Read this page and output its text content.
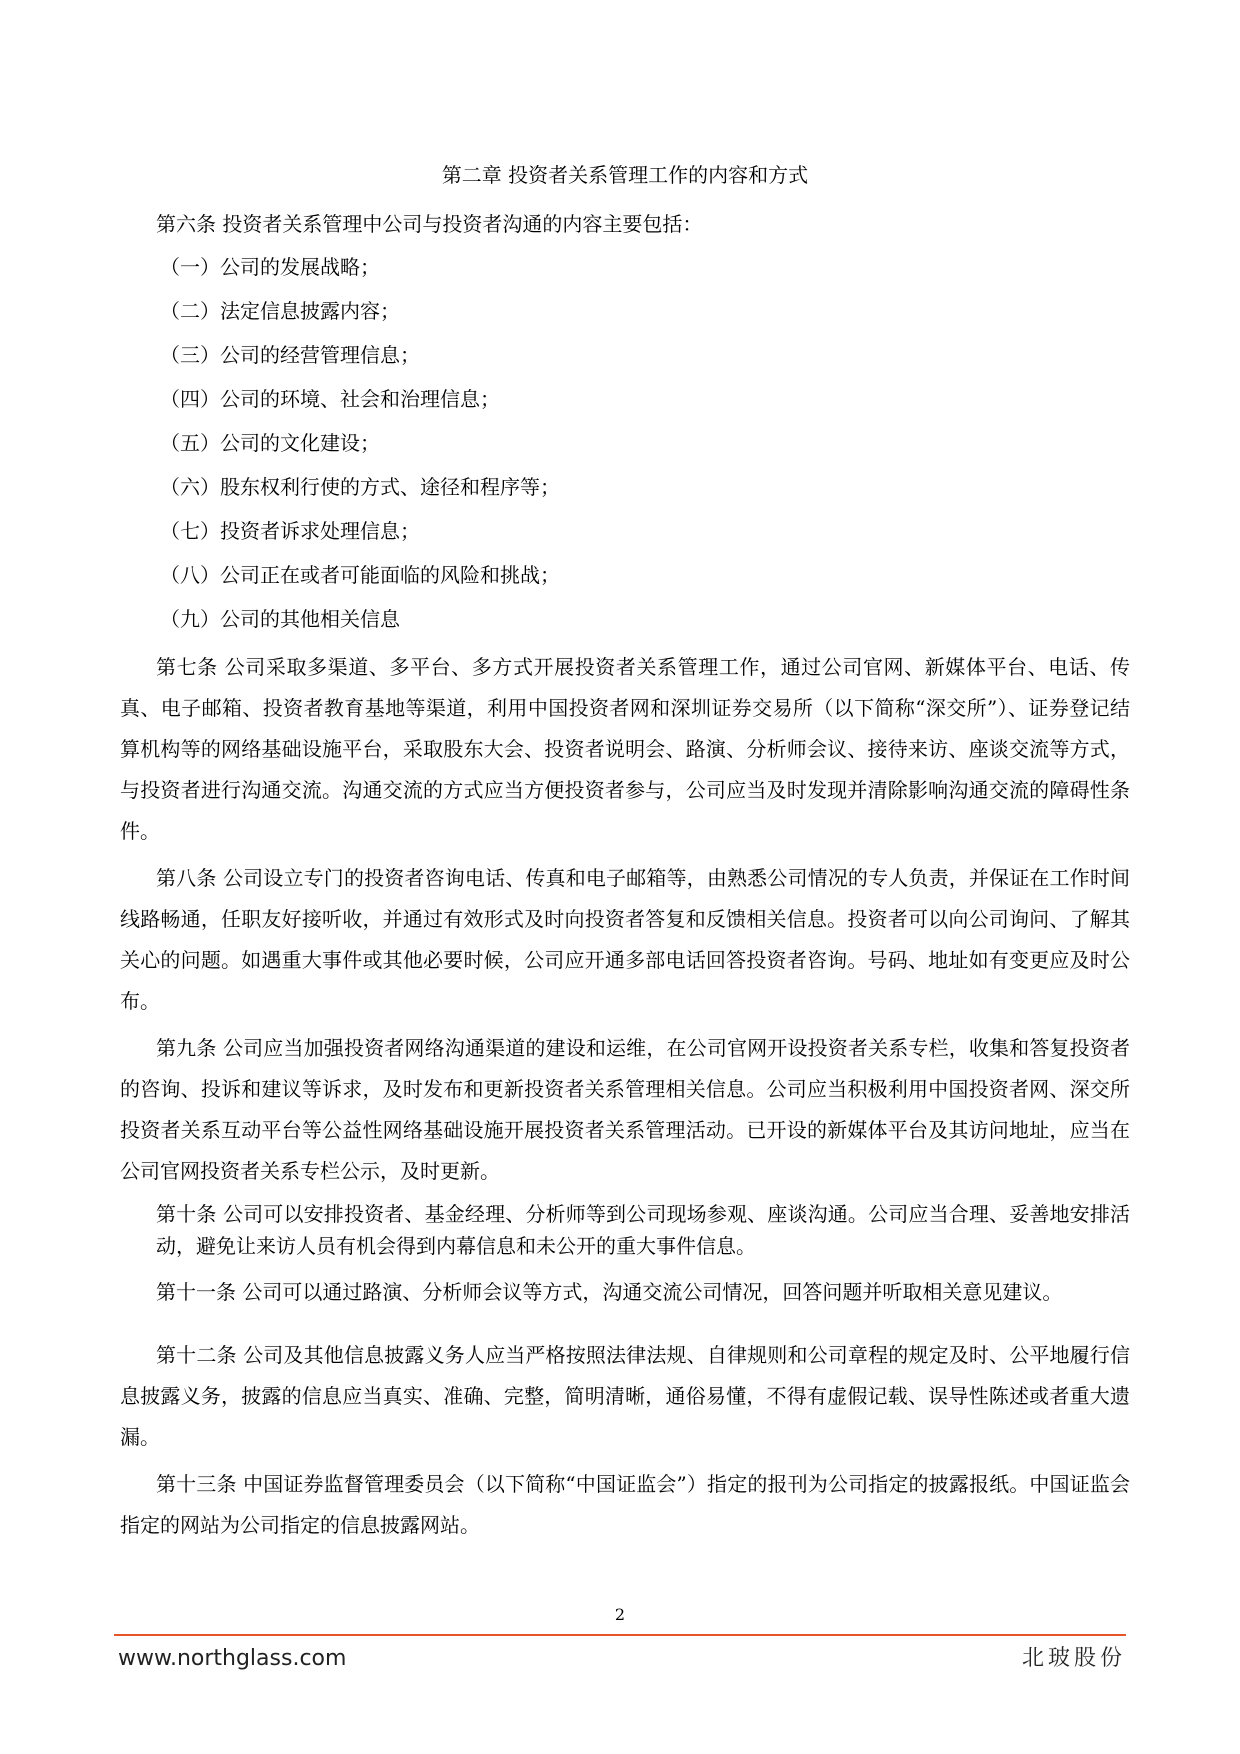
第二章 投资者关系管理工作的内容和方式

第六条 投资者关系管理中公司与投资者沟通的内容主要包括：

（一）公司的发展战略；

（二）法定信息披露内容；

（三）公司的经营管理信息；

（四）公司的环境、社会和治理信息；

（五）公司的文化建设；

（六）股东权利行使的方式、途径和程序等；

（七）投资者诉求处理信息；

（八）公司正在或者可能面临的风险和挑战；

（九）公司的其他相关信息

第七条 公司采取多渠道、多平台、多方式开展投资者关系管理工作，通过公司官网、新媒体平台、电话、传真、电子邮箱、投资者教育基地等渠道，利用中国投资者网和深圳证券交易所（以下简称“深交所”）、证券登记结算机构等的网络基础设施平台，采取股东大会、投资者说明会、路演、分析师会议、接待来访、座谈交流等方式，与投资者进行沟通交流。沟通交流的方式应当方便投资者参与，公司应当及时发现并清除影响沟通交流的障碍性条件。

第八条 公司设立专门的投资者咨询电话、传真和电子邮箱等，由熟悉公司情况的专人负责，并保证在工作时间线路畅通，任职友好接听收，并通过有效形式及时向投资者答复和反馈相关信息。投资者可以向公司询问、了解其关心的问题。如遇重大事件或其他必要时候，公司应开通多部电话回答投资者咨询。号码、地址如有变更应及时公布。

第九条 公司应当加强投资者网络沟通渠道的建设和运维，在公司官网开设投资者关系专栏，收集和答复投资者的咨询、投诉和建议等诉求，及时发布和更新投资者关系管理相关信息。公司应当积极利用中国投资者网、深交所投资者关系互动平台等公益性网络基础设施开展投资者关系管理活动。已开设的新媒体平台及其访问地址，应当在公司官网投资者关系专栏公示，及时更新。

第十条 公司可以安排投资者、基金经理、分析师等到公司现场参观、座谈沟通。公司应当合理、妥善地安排活动，避免让来访人员有机会得到内幕信息和未公开的重大事件信息。

第十一条 公司可以通过路演、分析师会议等方式，沟通交流公司情况，回答问题并听取相关意见建议。

第十二条 公司及其他信息披露义务人应当严格按照法律法规、自律规则和公司章程的规定及时、公平地履行信息披露义务，披露的信息应当真实、准确、完整，简明清晰，通俗易懂，不得有虚假记载、误导性陈述或者重大遗漏。

第十三条 中国证券监督管理委员会（以下简称“中国证监会”）指定的报刊为公司指定的披露报纸。中国证监会指定的网站为公司指定的信息披露网站。

2
www.northglass.com	北玻股份
